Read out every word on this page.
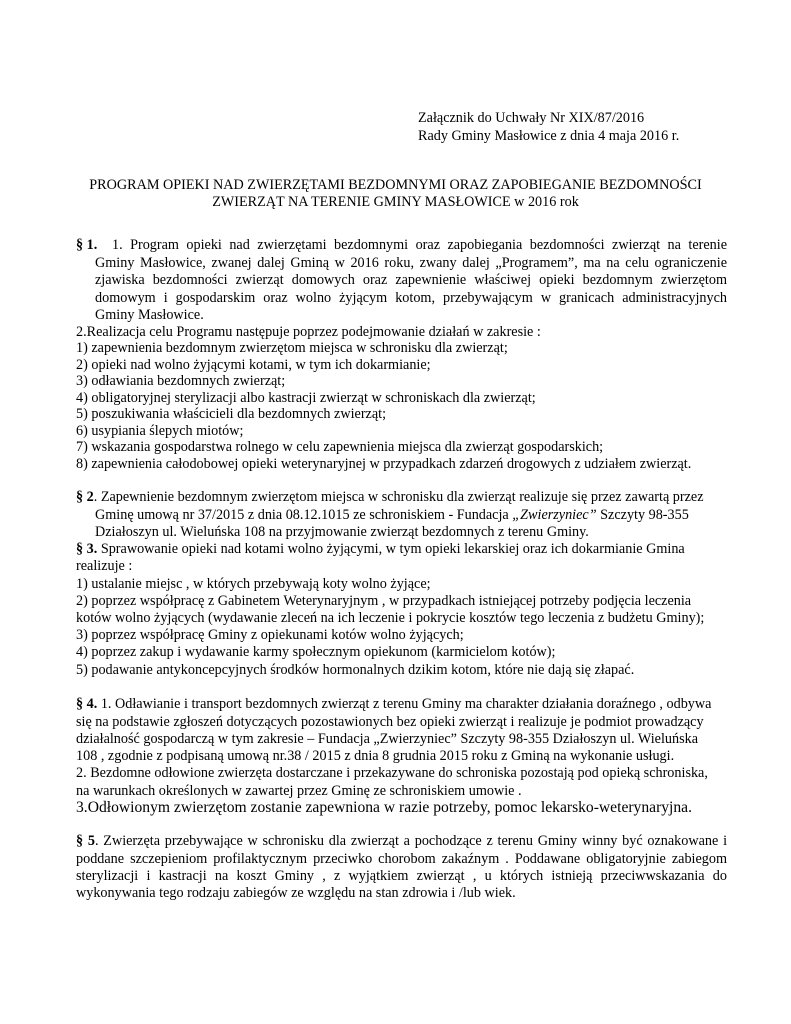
Załącznik do Uchwały Nr XIX/87/2016
Rady Gminy Masłowice z dnia 4 maja 2016 r.
PROGRAM OPIEKI NAD ZWIERZĘTAMI BEZDOMNYMI ORAZ ZAPOBIEGANIE BEZDOMNOŚCI
ZWIERZĄT NA TERENIE GMINY MASŁOWICE w 2016 rok
§ 1. 1. Program opieki nad zwierzętami bezdomnymi oraz zapobiegania bezdomności zwierząt na terenie
Gminy Masłowice, zwanej dalej Gminą w 2016 roku, zwany dalej „Programem”, ma na celu ograniczenie
zjawiska bezdomności zwierząt domowych oraz zapewnienie właściwej opieki bezdomnym zwierzętom
domowym i gospodarskim oraz wolno żyjącym kotom, przebywającym w granicach administracyjnych
Gminy Masłowice.
2.Realizacja celu Programu następuje poprzez podejmowanie działań w zakresie :
1) zapewnienia bezdomnym zwierzętom miejsca w schronisku dla zwierząt;
2) opieki nad wolno żyjącymi kotami, w tym ich dokarmianie;
3) odławiania bezdomnych zwierząt;
4) obligatoryjnej sterylizacji albo kastracji zwierząt w schroniskach dla zwierząt;
5) poszukiwania właścicieli dla bezdomnych zwierząt;
6) usypiania ślepych miotów;
7) wskazania gospodarstwa rolnego w celu zapewnienia miejsca dla zwierząt gospodarskich;
8) zapewnienia całodobowej opieki weterynaryjnej w przypadkach zdarzeń drogowych z udziałem zwierząt.
§ 2. Zapewnienie bezdomnym zwierzętom miejsca w schronisku dla zwierząt realizuje się przez zawartą przez
Gminę umową nr 37/2015 z dnia 08.12.1015 ze schroniskiem - Fundacja „Zwierzyniec” Szczyty 98-355
Działoszyn ul. Wieluńska 108 na przyjmowanie zwierząt bezdomnych z terenu Gminy.
§ 3. Sprawowanie opieki nad kotami wolno żyjącymi, w tym opieki lekarskiej oraz ich dokarmianie Gmina
realizuje :
1) ustalanie miejsc , w których przebywają koty wolno żyjące;
2) poprzez współpracę z Gabinetem Weterynaryjnym , w przypadkach istniejącej potrzeby podjęcia leczenia
kotów wolno żyjących (wydawanie zleceń na ich leczenie i pokrycie kosztów tego leczenia z budżetu Gminy);
3) poprzez współpracę Gminy z opiekunami kotów wolno żyjących;
4) poprzez zakup i wydawanie karmy społecznym opiekunom (karmicielom kotów);
5) podawanie antykoncepcyjnych środków hormonalnych dzikim kotom, które nie dają się złapać.
§ 4. 1. Odławianie i transport bezdomnych zwierząt z terenu Gminy ma charakter działania doraźnego , odbywa
się na podstawie zgłoszeń dotyczących pozostawionych bez opieki zwierząt i realizuje je podmiot prowadzący
działalność gospodarczą w tym zakresie – Fundacja „Zwierzyniec” Szczyty 98-355 Działoszyn ul. Wieluńska
108 , zgodnie z podpisaną umową nr.38 / 2015 z dnia 8 grudnia 2015 roku z Gminą na wykonanie usługi.
2. Bezdomne odłowione zwierzęta dostarczane i przekazywane do schroniska pozostają pod opieką schroniska,
na warunkach określonych w zawartej przez Gminę ze schroniskiem umowie .
3.Odłowionym zwierzętom zostanie zapewniona w razie potrzeby, pomoc lekarsko-weterynaryjna.
§ 5. Zwierzęta przebywające w schronisku dla zwierząt a pochodzące z terenu Gminy winny być oznakowane i
poddane szczepieniom profilaktycznym przeciwko chorobom zakaźnym . Poddawane obligatoryjnie zabiegom
sterylizacji i kastracji na koszt Gminy , z wyjątkiem zwierząt , u których istnieją przeciwwskazania do
wykonywania tego rodzaju zabiegów ze względu na stan zdrowia i /lub wiek.
